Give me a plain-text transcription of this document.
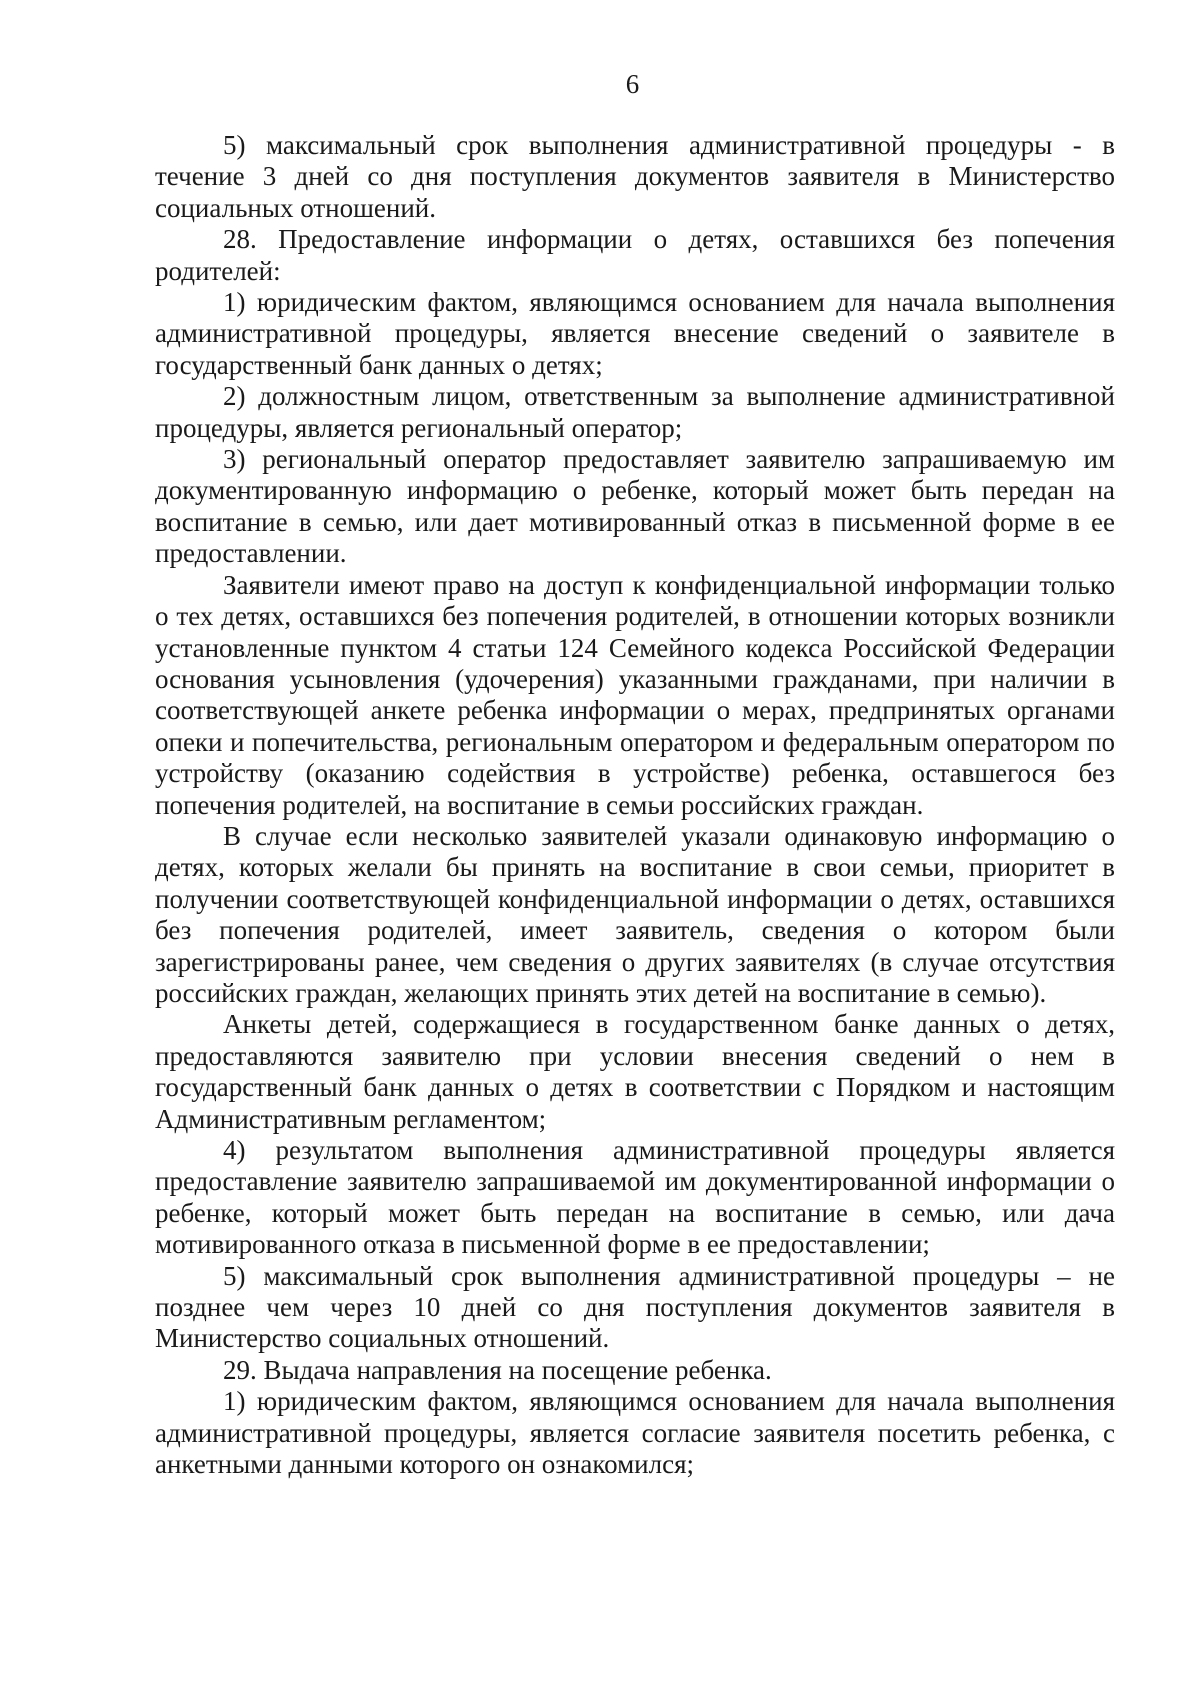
6

5) максимальный срок выполнения административной процедуры - в течение 3 дней со дня поступления документов заявителя в Министерство социальных отношений.

28. Предоставление информации о детях, оставшихся без попечения родителей:

1) юридическим фактом, являющимся основанием для начала выполнения административной процедуры, является внесение сведений о заявителе в государственный банк данных о детях;

2) должностным лицом, ответственным за выполнение административной процедуры, является региональный оператор;

3) региональный оператор предоставляет заявителю запрашиваемую им документированную информацию о ребенке, который может быть передан на воспитание в семью, или дает мотивированный отказ в письменной форме в ее предоставлении.

Заявители имеют право на доступ к конфиденциальной информации только о тех детях, оставшихся без попечения родителей, в отношении которых возникли установленные пунктом 4 статьи 124 Семейного кодекса Российской Федерации основания усыновления (удочерения) указанными гражданами, при наличии в соответствующей анкете ребенка информации о мерах, предпринятых органами опеки и попечительства, региональным оператором и федеральным оператором по устройству (оказанию содействия в устройстве) ребенка, оставшегося без попечения родителей, на воспитание в семьи российских граждан.

В случае если несколько заявителей указали одинаковую информацию о детях, которых желали бы принять на воспитание в свои семьи, приоритет в получении соответствующей конфиденциальной информации о детях, оставшихся без попечения родителей, имеет заявитель, сведения о котором были зарегистрированы ранее, чем сведения о других заявителях (в случае отсутствия российских граждан, желающих принять этих детей на воспитание в семью).

Анкеты детей, содержащиеся в государственном банке данных о детях, предоставляются заявителю при условии внесения сведений о нем в государственный банк данных о детях в соответствии с Порядком и настоящим Административным регламентом;

4) результатом выполнения административной процедуры является предоставление заявителю запрашиваемой им документированной информации о ребенке, который может быть передан на воспитание в семью, или дача мотивированного отказа в письменной форме в ее предоставлении;

5) максимальный срок выполнения административной процедуры – не позднее чем через 10 дней со дня поступления документов заявителя в Министерство социальных отношений.

29. Выдача направления на посещение ребенка.

1) юридическим фактом, являющимся основанием для начала выполнения административной процедуры, является согласие заявителя посетить ребенка, с анкетными данными которого он ознакомился;
